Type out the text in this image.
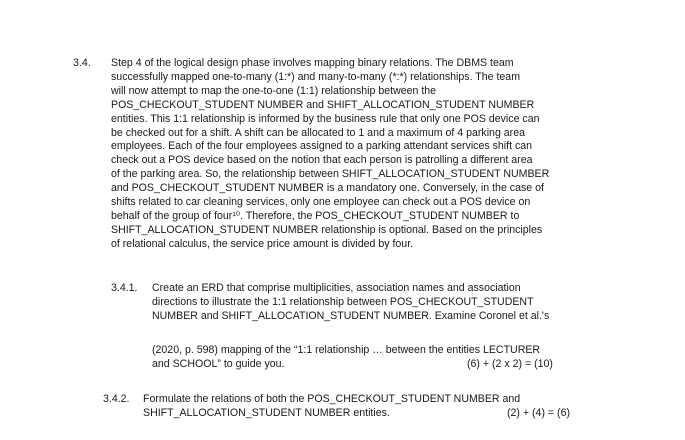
3.4. Step 4 of the logical design phase involves mapping binary relations. The DBMS team
successfully mapped one-to-many (1:*) and many-to-many (*:*) relationships. The team
will now attempt to map the one-to-one (1:1) relationship between the
POS_CHECKOUT_STUDENT NUMBER and SHIFT_ALLOCATION_STUDENT NUMBER
entities. This 1:1 relationship is informed by the business rule that only one POS device can
be checked out for a shift. A shift can be allocated to 1 and a maximum of 4 parking area
employees. Each of the four employees assigned to a parking attendant services shift can
check out a POS device based on the notion that each person is patrolling a different area
of the parking area. So, the relationship between SHIFT_ALLOCATION_STUDENT NUMBER
and POS_CHECKOUT_STUDENT NUMBER is a mandatory one. Conversely, in the case of
shifts related to car cleaning services, only one employee can check out a POS device on
behalf of the group of four¹⁰. Therefore, the POS_CHECKOUT_STUDENT NUMBER to
SHIFT_ALLOCATION_STUDENT NUMBER relationship is optional. Based on the principles
of relational calculus, the service price amount is divided by four.
3.4.1. Create an ERD that comprise multiplicities, association names and association
directions to illustrate the 1:1 relationship between POS_CHECKOUT_STUDENT
NUMBER and SHIFT_ALLOCATION_STUDENT NUMBER. Examine Coronel et al.'s
(2020, p. 598) mapping of the “1:1 relationship … between the entities LECTURER
and SCHOOL” to guide you.	(6) + (2 x 2) = (10)
3.4.2. Formulate the relations of both the POS_CHECKOUT_STUDENT NUMBER and
SHIFT_ALLOCATION_STUDENT NUMBER entities.	(2) + (4) = (6)
